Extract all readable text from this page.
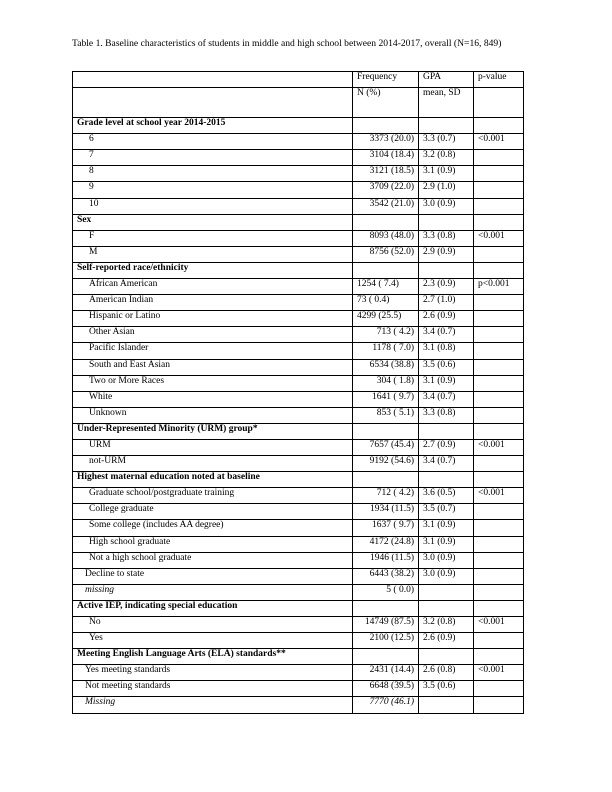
Table 1. Baseline characteristics of students in middle and high school between 2014-2017, overall (N=16, 849)
	Frequency	GPA	p-value
	N (%)	mean, SD	
Grade level at school year 2014-2015			
6	3373 (20.0)	3.3 (0.7)	<0.001
7	3104 (18.4)	3.2 (0.8)	
8	3121 (18.5)	3.1 (0.9)	
9	3709 (22.0)	2.9 (1.0)	
10	3542 (21.0)	3.0 (0.9)	
Sex			
F	8093 (48.0)	3.3 (0.8)	<0.001
M	8756 (52.0)	2.9 (0.9)	
Self-reported race/ethnicity			
African American	1254 ( 7.4)	2.3 (0.9)	p<0.001
American Indian	73 ( 0.4)	2.7 (1.0)	
Hispanic or Latino	4299 (25.5)	2.6 (0.9)	
Other Asian	713 ( 4.2)	3.4 (0.7)	
Pacific Islander	1178 ( 7.0)	3.1 (0.8)	
South and East Asian	6534 (38.8)	3.5 (0.6)	
Two or More Races	304 ( 1.8)	3.1 (0.9)	
White	1641 ( 9.7)	3.4 (0.7)	
Unknown	853 ( 5.1)	3.3 (0.8)	
Under-Represented Minority (URM) group*			
URM	7657 (45.4)	2.7 (0.9)	<0.001
not-URM	9192 (54.6)	3.4 (0.7)	
Highest maternal education noted at baseline			
Graduate school/postgraduate training	712 ( 4.2)	3.6 (0.5)	<0.001
College graduate	1934 (11.5)	3.5 (0.7)	
Some college (includes AA degree)	1637 ( 9.7)	3.1 (0.9)	
High school graduate	4172 (24.8)	3.1 (0.9)	
Not a high school graduate	1946 (11.5)	3.0 (0.9)	
Decline to state	6443 (38.2)	3.0 (0.9)	
missing	5 ( 0.0)		
Active IEP, indicating special education			
No	14749 (87.5)	3.2 (0.8)	<0.001
Yes	2100 (12.5)	2.6 (0.9)	
Meeting English Language Arts (ELA) standards**			
Yes meeting standards	2431 (14.4)	2.6 (0.8)	<0.001
Not meeting standards	6648 (39.5)	3.5 (0.6)	
Missing	7770 (46.1)		
